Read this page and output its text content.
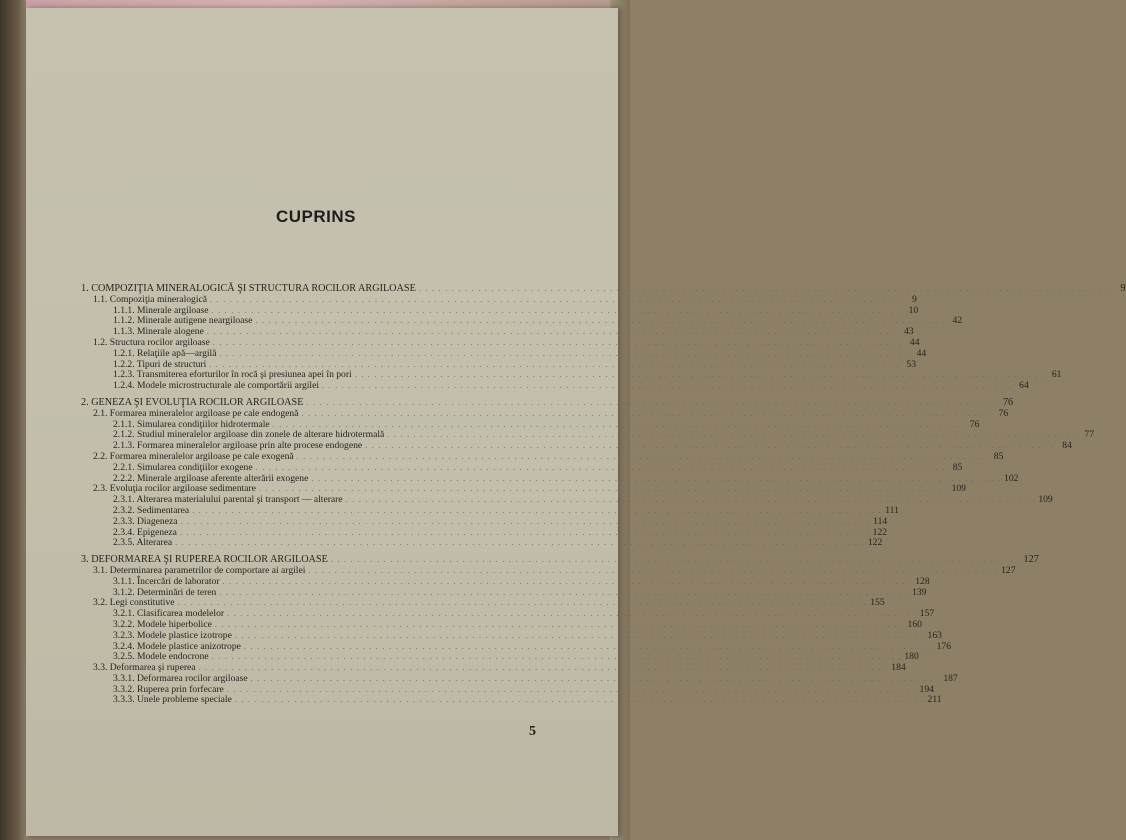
CUPRINS
1. COMPOZIŢIA MINERALOGICĂ ŞI STRUCTURA ROCILOR ARGILOASE . . .	9
1.1. Compoziţia mineralogică . . .	9
1.1.1. Minerale argiloase . . .	10
1.1.2. Minerale autigene neargiloase . . .	42
1.1.3. Minerale alogene . . .	43
1.2. Structura rocilor argiloase . . .	44
1.2.1. Relaţiile apă—argilă . . .	44
1.2.2. Tipuri de structuri . . .	53
1.2.3. Transmiterea eforturilor în rocă şi presiunea apei în pori . . .	61
1.2.4. Modele microstructurale ale comportării argilei . . .	64
2. GENEZA ŞI EVOLUŢIA ROCILOR ARGILOASE . . .	76
2.1. Formarea mineralelor argiloase pe cale endogenă . . .	76
2.1.1. Simularea condiţiilor hidrotermale . . .	76
2.1.2. Studiul mineralelor argiloase din zonele de alterare hidrotermală . . .	77
2.1.3. Formarea mineralelor argiloase prin alte procese endogene . . .	84
2.2. Formarea mineralelor argiloase pe cale exogenă . . .	85
2.2.1. Simularea condiţiilor exogene . . .	85
2.2.2. Minerale argiloase aferente alterării exogene . . .	102
2.3. Evoluţia rocilor argiloase sedimentare . . .	109
2.3.1. Alterarea materialului parental şi transport — alterare . . .	109
2.3.2. Sedimentarea . . .	111
2.3.3. Diageneza . . .	114
2.3.4. Epigeneza . . .	122
2.3.5. Alterarea . . .	122
3. DEFORMAREA ŞI RUPEREA ROCILOR ARGILOASE . . .	127
3.1. Determinarea parametrilor de comportare ai argilei . . .	127
3.1.1. Încercări de laborator . . .	128
3.1.2. Determinări de teren . . .	139
3.2. Legi constitutive . . .	155
3.2.1. Clasificarea modelelor . . .	157
3.2.2. Modele hiperbolice . . .	160
3.2.3. Modele plastice izotrope . . .	163
3.2.4. Modele plastice anizotrope . . .	176
3.2.5. Modele endocrone . . .	180
3.3. Deformarea şi ruperea . . .	184
3.3.1. Deformarea rocilor argiloase . . .	187
3.3.2. Ruperea prin forfecare . . .	194
3.3.3. Unele probleme speciale . . .	211
5
